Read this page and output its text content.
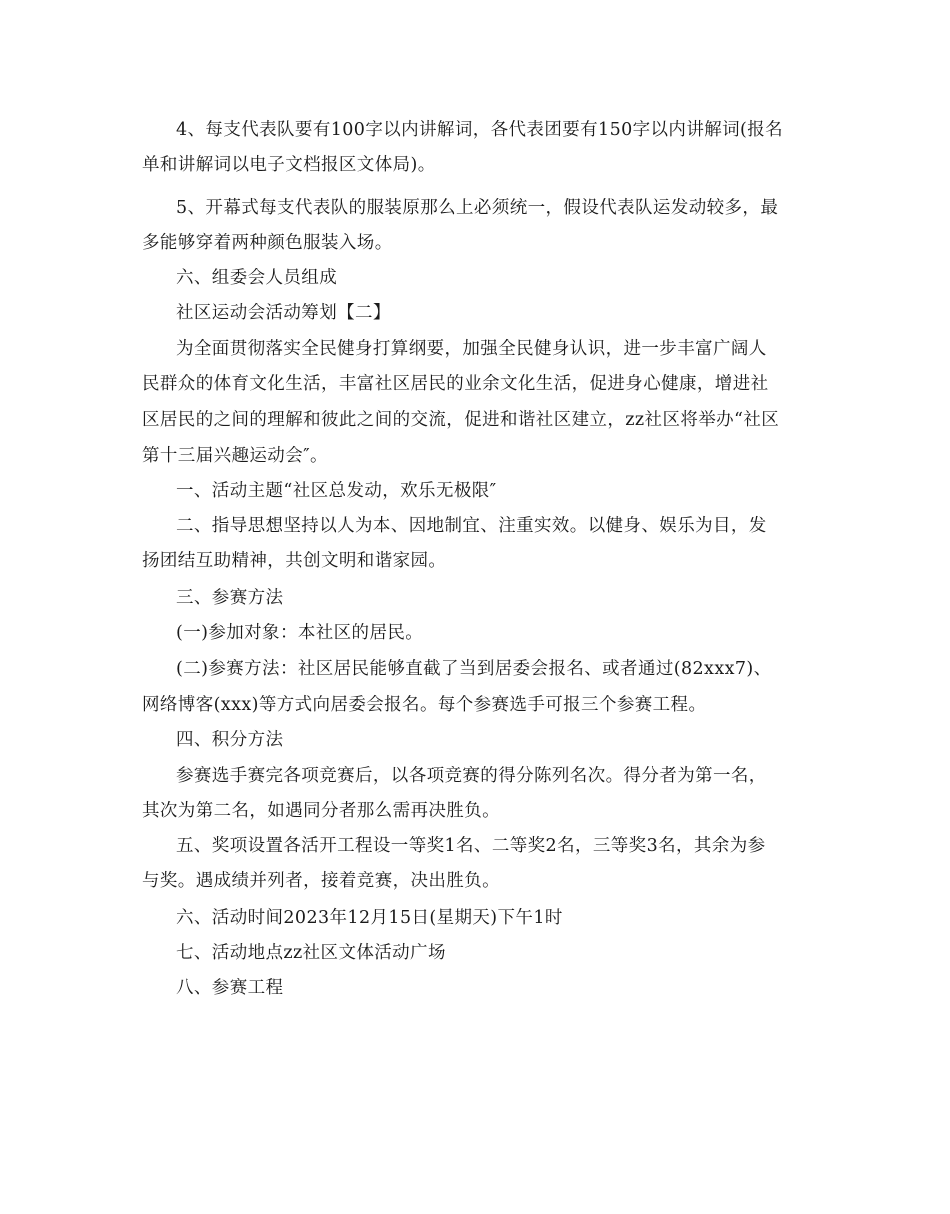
4、每支代表队要有100字以内讲解词，各代表团要有150字以内讲解词(报名
单和讲解词以电子文档报区文体局)。
5、开幕式每支代表队的服装原那么上必须统一，假设代表队运发动较多，最
多能够穿着两种颜色服装入场。
六、组委会人员组成
社区运动会活动筹划【二】
为全面贯彻落实全民健身打算纲要，加强全民健身认识，进一步丰富广阔人
民群众的体育文化生活，丰富社区居民的业余文化生活，促进身心健康，增进社
区居民的之间的理解和彼此之间的交流，促进和谐社区建立，zz社区将举办“社区
第十三届兴趣运动会″。
一、活动主题“社区总发动，欢乐无极限″
二、指导思想坚持以人为本、因地制宜、注重实效。以健身、娱乐为目，发
扬团结互助精神，共创文明和谐家园。
三、参赛方法
(一)参加对象：本社区的居民。
(二)参赛方法：社区居民能够直截了当到居委会报名、或者通过(82xxx7)、
网络博客(xxx)等方式向居委会报名。每个参赛选手可报三个参赛工程。
四、积分方法
参赛选手赛完各项竞赛后，以各项竞赛的得分陈列名次。得分者为第一名，
其次为第二名，如遇同分者那么需再决胜负。
五、奖项设置各活开工程设一等奖1名、二等奖2名，三等奖3名，其余为参
与奖。遇成绩并列者，接着竞赛，决出胜负。
六、活动时间2023年12月15日(星期天)下午1时
七、活动地点zz社区文体活动广场
八、参赛工程
